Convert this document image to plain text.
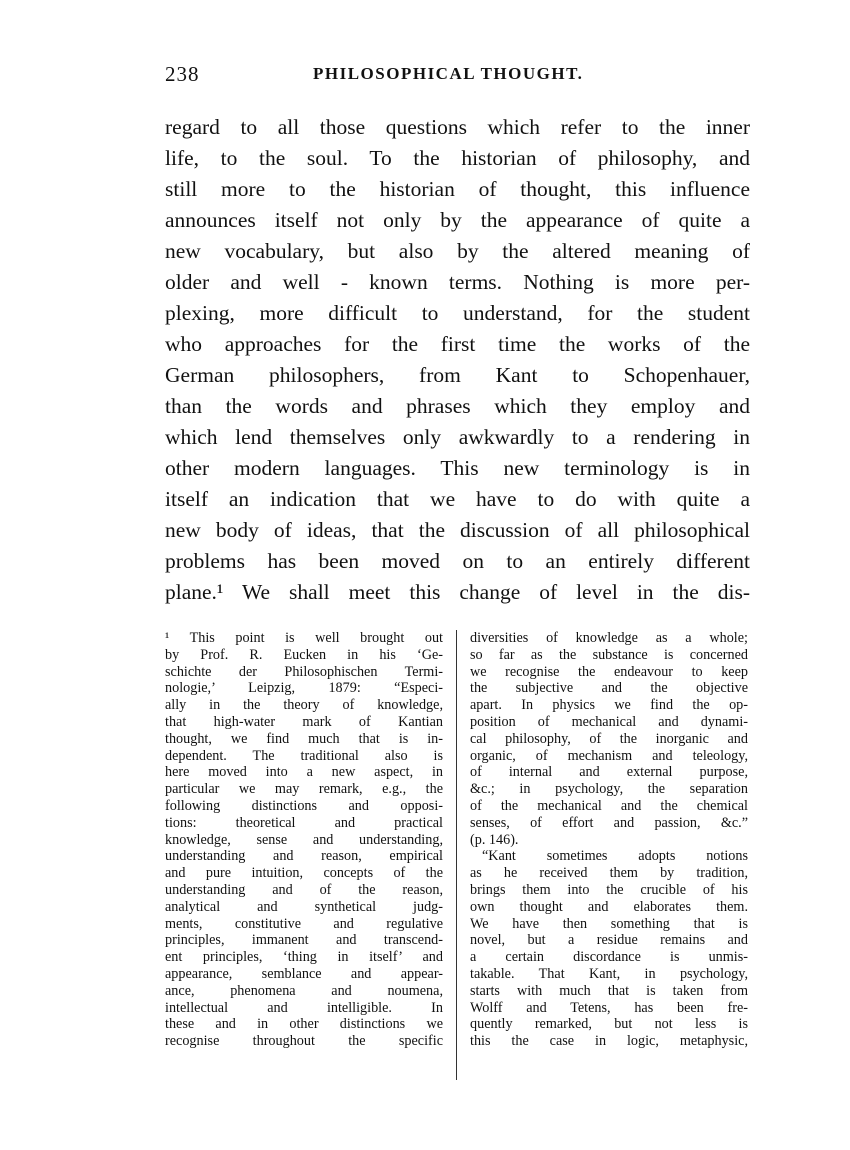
238	PHILOSOPHICAL THOUGHT.
regard to all those questions which refer to the inner
life, to the soul. To the historian of philosophy, and
still more to the historian of thought, this influence
announces itself not only by the appearance of quite a
new vocabulary, but also by the altered meaning of
older and well - known terms. Nothing is more per-
plexing, more difficult to understand, for the student
who approaches for the first time the works of the
German philosophers, from Kant to Schopenhauer,
than the words and phrases which they employ and
which lend themselves only awkwardly to a rendering in
other modern languages. This new terminology is in
itself an indication that we have to do with quite a
new body of ideas, that the discussion of all philosophical
problems has been moved on to an entirely different
plane.¹ We shall meet this change of level in the dis-
¹ This point is well brought out
by Prof. R. Eucken in his ‘Ge-
schichte der Philosophischen Termi-
nologie,’ Leipzig, 1879: “Especi-
ally in the theory of knowledge,
that high-water mark of Kantian
thought, we find much that is in-
dependent. The traditional also is
here moved into a new aspect, in
particular we may remark, e.g., the
following distinctions and opposi-
tions: theoretical and practical
knowledge, sense and understanding,
understanding and reason, empirical
and pure intuition, concepts of the
understanding and of the reason,
analytical and synthetical judg-
ments, constitutive and regulative
principles, immanent and transcend-
ent principles, ‘thing in itself’ and
appearance, semblance and appear-
ance, phenomena and noumena,
intellectual and intelligible. In
these and in other distinctions we
recognise throughout the specific
diversities of knowledge as a whole;
so far as the substance is concerned
we recognise the endeavour to keep
the subjective and the objective
apart. In physics we find the op-
position of mechanical and dynami-
cal philosophy, of the inorganic and
organic, of mechanism and teleology,
of internal and external purpose,
&c.; in psychology, the separation
of the mechanical and the chemical
senses, of effort and passion, &c.”
(p. 146).
“Kant sometimes adopts notions
as he received them by tradition,
brings them into the crucible of his
own thought and elaborates them.
We have then something that is
novel, but a residue remains and
a certain discordance is unmis-
takable. That Kant, in psychology,
starts with much that is taken from
Wolff and Tetens, has been fre-
quently remarked, but not less is
this the case in logic, metaphysic,
